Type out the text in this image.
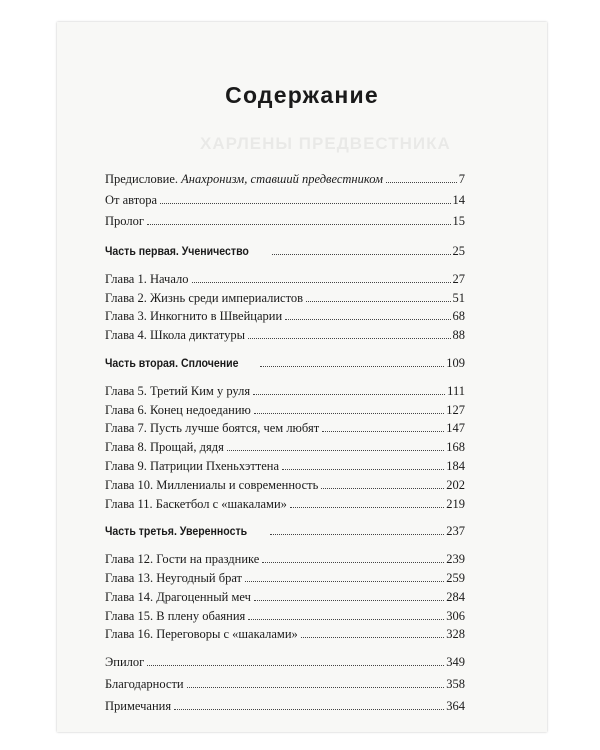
ХАРЛЕНЫ ПРЕДВЕСТНИКА
Содержание
Предисловие. Анахронизм, ставший предвестником	7
От автора	14
Пролог	15
Часть первая. Ученичество	25
Глава 1. Начало	27
Глава 2. Жизнь среди империалистов	51
Глава 3. Инкогнито в Швейцарии	68
Глава 4. Школа диктатуры	88
Часть вторая. Сплочение	109
Глава 5. Третий Ким у руля	111
Глава 6. Конец недоеданию	127
Глава 7. Пусть лучше боятся, чем любят	147
Глава 8. Прощай, дядя	168
Глава 9. Патриции Пхеньхэттена	184
Глава 10. Миллениалы и современность	202
Глава 11. Баскетбол с «шакалами»	219
Часть третья. Уверенность	237
Глава 12. Гости на празднике	239
Глава 13. Неугодный брат	259
Глава 14. Драгоценный меч	284
Глава 15. В плену обаяния	306
Глава 16. Переговоры с «шакалами»	328
Эпилог	349
Благодарности	358
Примечания	364
